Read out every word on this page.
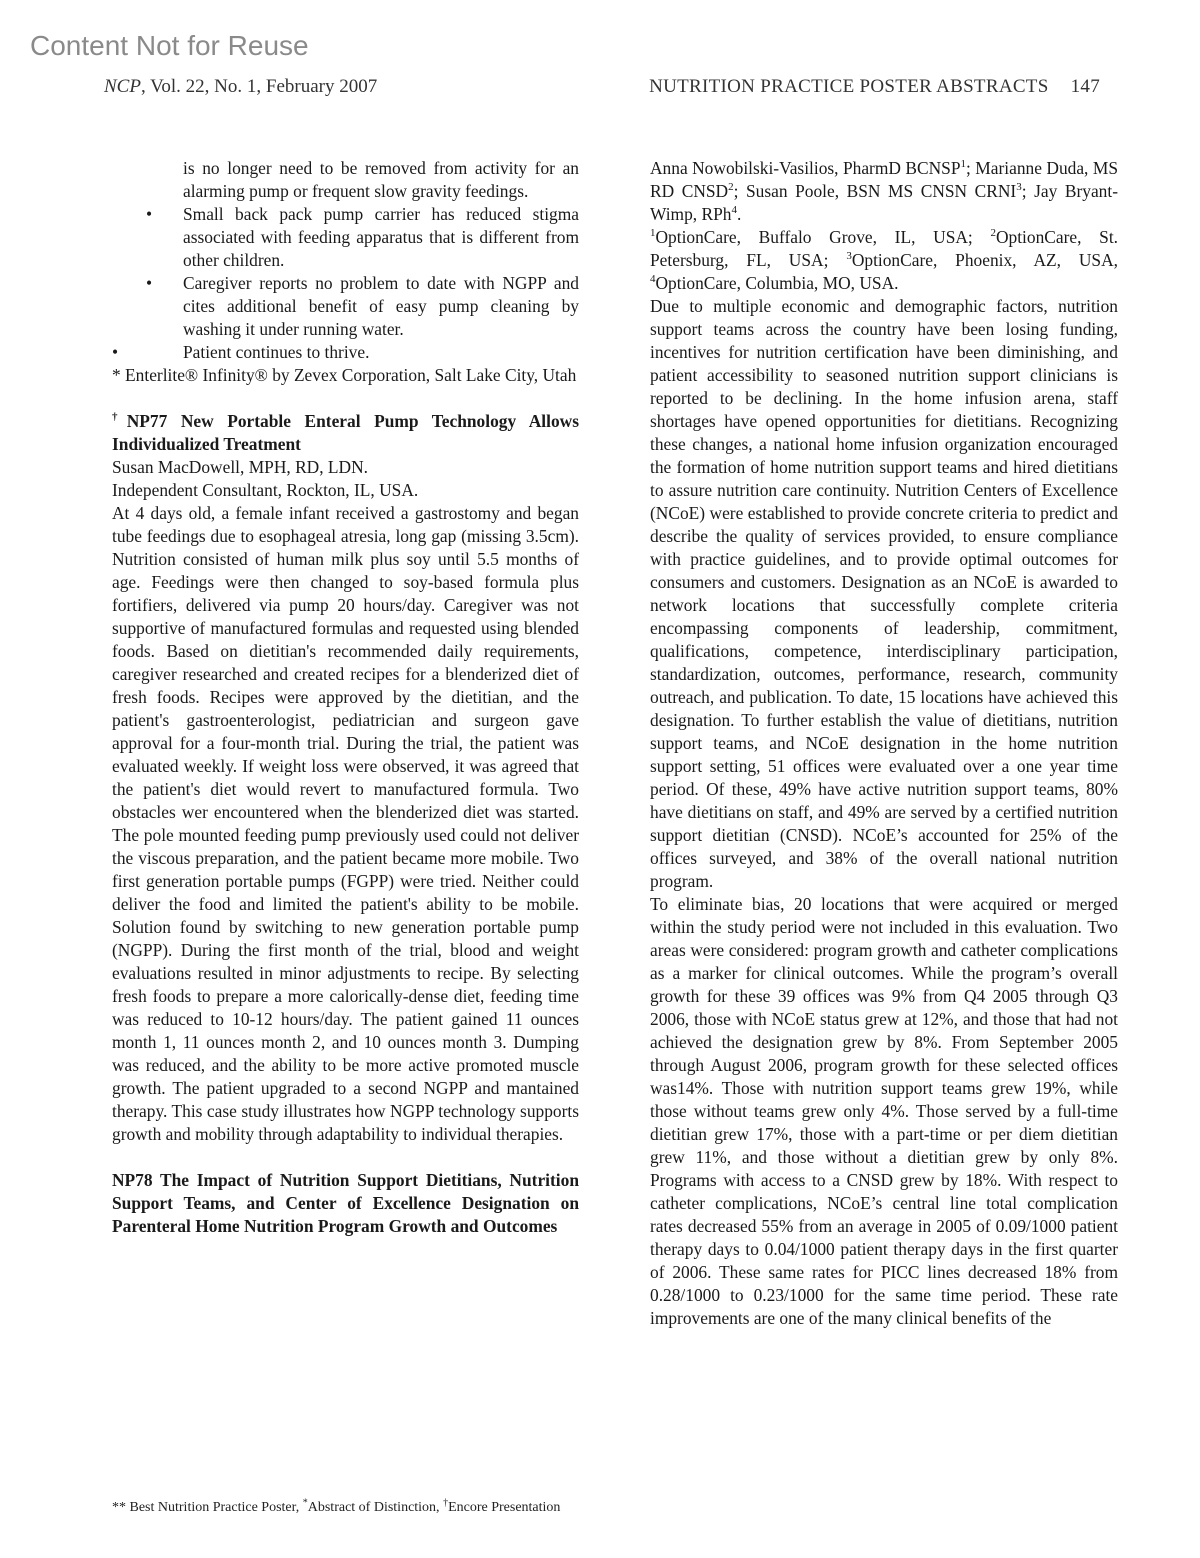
Content Not for Reuse
NCP, Vol. 22, No. 1, February 2007	NUTRITION PRACTICE POSTER ABSTRACTS 147

is no longer need to be removed from activity for an alarming pump or frequent slow gravity feedings.

• Small back pack pump carrier has reduced stigma associated with feeding apparatus that is different from other children.
• Caregiver reports no problem to date with NGPP and cites additional benefit of easy pump cleaning by washing it under running water.
•	Patient continues to thrive.

* Enterlite® Infinity® by Zevex Corporation, Salt Lake City, Utah

†NP77 New Portable Enteral Pump Technology Allows Individualized Treatment

Susan MacDowell, MPH, RD, LDN.

Independent Consultant, Rockton, IL, USA.

At 4 days old, a female infant received a gastrostomy and began tube feedings due to esophageal atresia, long gap (missing 3.5cm). Nutrition consisted of human milk plus soy until 5.5 months of age. Feedings were then changed to soy-based formula plus fortifiers, delivered via pump 20 hours/day. Caregiver was not supportive of manufactured formulas and requested using blended foods. Based on dietitian's recommended daily requirements, caregiver researched and created recipes for a blenderized diet of fresh foods. Recipes were approved by the dietitian, and the patient's gastroenterologist, pediatrician and surgeon gave approval for a four-month trial. During the trial, the patient was evaluated weekly. If weight loss were observed, it was agreed that the patient's diet would revert to manufactured formula. Two obstacles wer encountered when the blenderized diet was started. The pole mounted feeding pump previously used could not deliver the viscous preparation, and the patient became more mobile. Two first generation portable pumps (FGPP) were tried. Neither could deliver the food and limited the patient's ability to be mobile. Solution found by switching to new generation portable pump (NGPP). During the first month of the trial, blood and weight evaluations resulted in minor adjustments to recipe. By selecting fresh foods to prepare a more calorically-dense diet, feeding time was reduced to 10-12 hours/day. The patient gained 11 ounces month 1, 11 ounces month 2, and 10 ounces month 3. Dumping was reduced, and the ability to be more active promoted muscle growth. The patient upgraded to a second NGPP and mantained therapy. This case study illustrates how NGPP technology supports growth and mobility through adaptability to individual therapies.

NP78 The Impact of Nutrition Support Dietitians, Nutrition Support Teams, and Center of Excellence Designation on Parenteral Home Nutrition Program Growth and Outcomes

Anna Nowobilski-Vasilios, PharmD BCNSP$^1$; Marianne Duda, MS RD CNSD$^2$; Susan Poole, BSN MS CNSN CRNI$^3$; Jay Bryant-Wimp, RPh$^4$.

$^1$OptionCare, Buffalo Grove, IL, USA; $^2$OptionCare, St. Petersburg, FL, USA; $^3$OptionCare, Phoenix, AZ, USA, $^4$OptionCare, Columbia, MO, USA.

Due to multiple economic and demographic factors, nutrition support teams across the country have been losing funding, incentives for nutrition certification have been diminishing, and patient accessibility to seasoned nutrition support clinicians is reported to be declining. In the home infusion arena, staff shortages have opened opportunities for dietitians. Recognizing these changes, a national home infusion organization encouraged the formation of home nutrition support teams and hired dietitians to assure nutrition care continuity. Nutrition Centers of Excellence (NCoE) were established to provide concrete criteria to predict and describe the quality of services provided, to ensure compliance with practice guidelines, and to provide optimal outcomes for consumers and customers. Designation as an NCoE is awarded to network locations that successfully complete criteria encompassing components of leadership, commitment, qualifications, competence, interdisciplinary participation, standardization, outcomes, performance, research, community outreach, and publication. To date, 15 locations have achieved this designation. To further establish the value of dietitians, nutrition support teams, and NCoE designation in the home nutrition support setting, 51 offices were evaluated over a one year time period. Of these, 49% have active nutrition support teams, 80% have dietitians on staff, and 49% are served by a certified nutrition support dietitian (CNSD). NCoE’s accounted for 25% of the offices surveyed, and 38% of the overall national nutrition program.

To eliminate bias, 20 locations that were acquired or merged within the study period were not included in this evaluation. Two areas were considered: program growth and catheter complications as a marker for clinical outcomes. While the program’s overall growth for these 39 offices was 9% from Q4 2005 through Q3 2006, those with NCoE status grew at 12%, and those that had not achieved the designation grew by 8%. From September 2005 through August 2006, program growth for these selected offices was14%. Those with nutrition support teams grew 19%, while those without teams grew only 4%. Those served by a full-time dietitian grew 17%, those with a part-time or per diem dietitian grew 11%, and those without a dietitian grew by only 8%. Programs with access to a CNSD grew by 18%. With respect to catheter complications, NCoE’s central line total complication rates decreased 55% from an average in 2005 of 0.09/1000 patient therapy days to 0.04/1000 patient therapy days in the first quarter of 2006. These same rates for PICC lines decreased 18% from 0.28/1000 to 0.23/1000 for the same time period. These rate improvements are one of the many clinical benefits of the

** Best Nutrition Practice Poster, *Abstract of Distinction, †Encore Presentation
